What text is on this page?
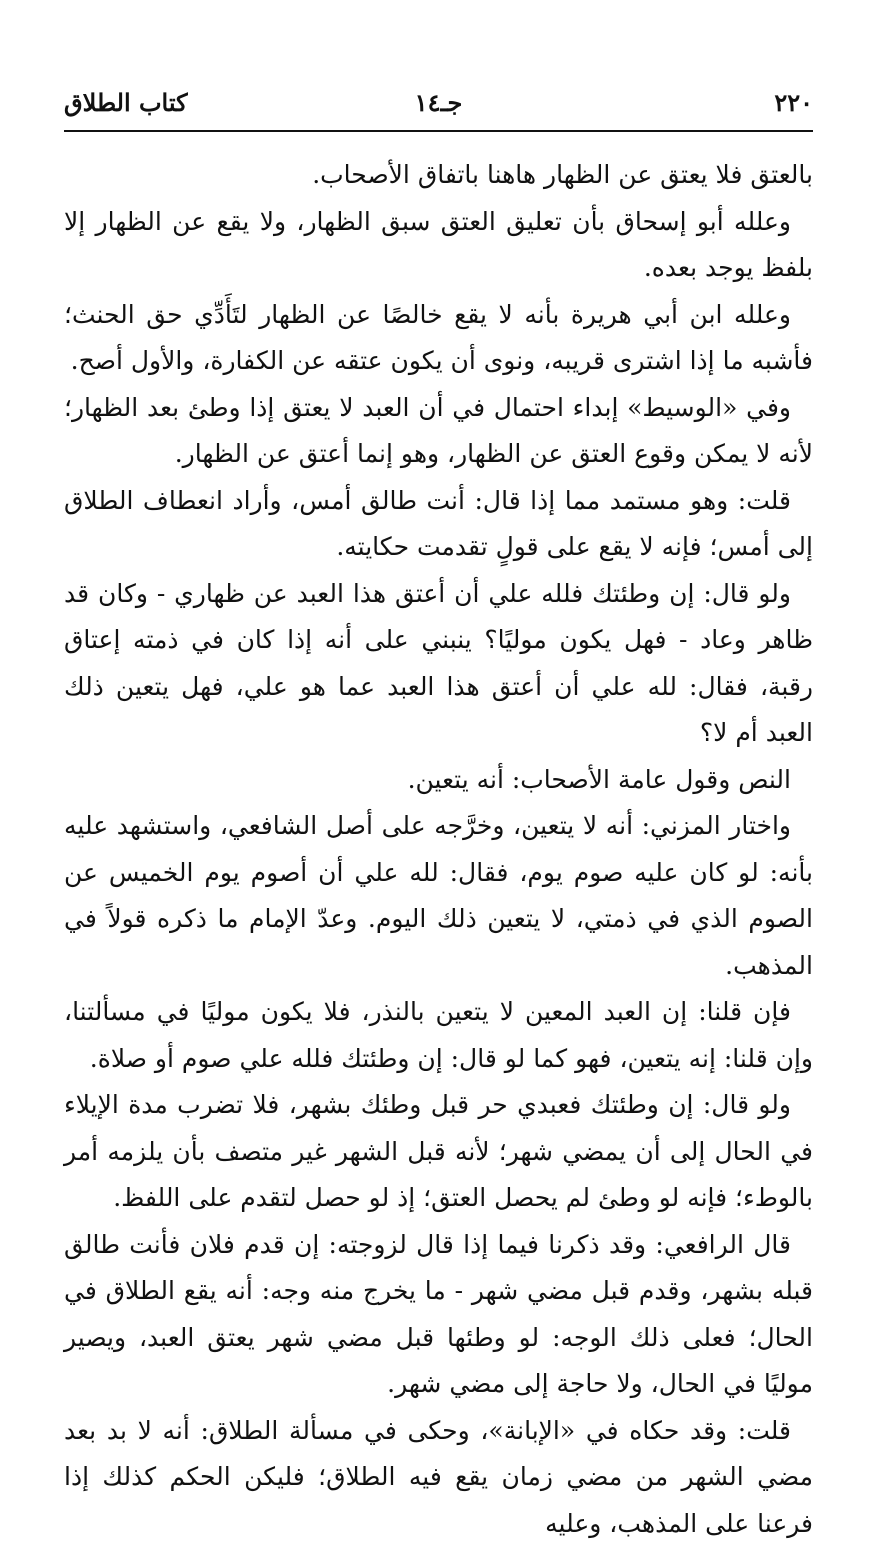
٢٢٠
جـ١٤
كتاب الطلاق

بالعتق فلا يعتق عن الظهار هاهنا باتفاق الأصحاب.

وعلله أبو إسحاق بأن تعليق العتق سبق الظهار، ولا يقع عن الظهار إلا بلفظ يوجد بعده.

وعلله ابن أبي هريرة بأنه لا يقع خالصًا عن الظهار لتَأَدِّي حق الحنث؛ فأشبه ما إذا اشترى قريبه، ونوى أن يكون عتقه عن الكفارة، والأول أصح.

وفي «الوسيط» إبداء احتمال في أن العبد لا يعتق إذا وطئ بعد الظهار؛ لأنه لا يمكن وقوع العتق عن الظهار، وهو إنما أعتق عن الظهار.

قلت: وهو مستمد مما إذا قال: أنت طالق أمس، وأراد انعطاف الطلاق إلى أمس؛ فإنه لا يقع على قولٍ تقدمت حكايته.

ولو قال: إن وطئتك فلله علي أن أعتق هذا العبد عن ظهاري - وكان قد ظاهر وعاد - فهل يكون موليًا؟ ينبني على أنه إذا كان في ذمته إعتاق رقبة، فقال: لله علي أن أعتق هذا العبد عما هو علي، فهل يتعين ذلك العبد أم لا؟

النص وقول عامة الأصحاب: أنه يتعين.

واختار المزني: أنه لا يتعين، وخرَّجه على أصل الشافعي، واستشهد عليه بأنه: لو كان عليه صوم يوم، فقال: لله علي أن أصوم يوم الخميس عن الصوم الذي في ذمتي، لا يتعين ذلك اليوم. وعدّ الإمام ما ذكره قولاً في المذهب.

فإن قلنا: إن العبد المعين لا يتعين بالنذر، فلا يكون موليًا في مسألتنا، وإن قلنا: إنه يتعين، فهو كما لو قال: إن وطئتك فلله علي صوم أو صلاة.

ولو قال: إن وطئتك فعبدي حر قبل وطئك بشهر، فلا تضرب مدة الإيلاء في الحال إلى أن يمضي شهر؛ لأنه قبل الشهر غير متصف بأن يلزمه أمر بالوطء؛ فإنه لو وطئ لم يحصل العتق؛ إذ لو حصل لتقدم على اللفظ.

قال الرافعي: وقد ذكرنا فيما إذا قال لزوجته: إن قدم فلان فأنت طالق قبله بشهر، وقدم قبل مضي شهر - ما يخرج منه وجه: أنه يقع الطلاق في الحال؛ فعلى ذلك الوجه: لو وطئها قبل مضي شهر يعتق العبد، ويصير موليًا في الحال، ولا حاجة إلى مضي شهر.

قلت: وقد حكاه في «الإبانة»، وحكى في مسألة الطلاق: أنه لا بد بعد مضي الشهر من مضي زمان يقع فيه الطلاق؛ فليكن الحكم كذلك إذا فرعنا على المذهب، وعليه
